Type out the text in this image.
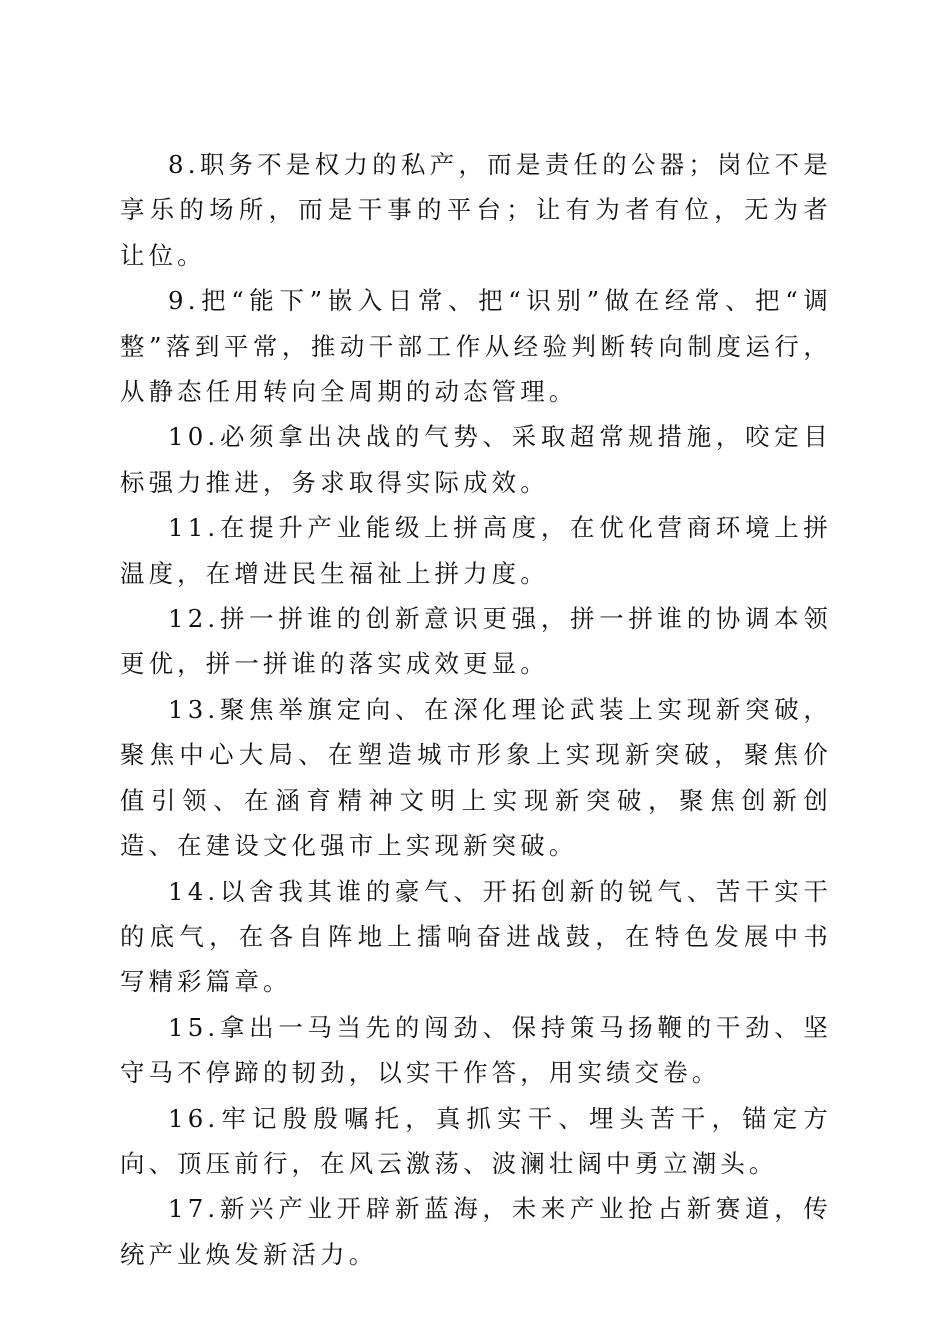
8.职务不是权力的私产，而是责任的公器；岗位不是享乐的场所，而是干事的平台；让有为者有位，无为者让位。

9.把“能下”嵌入日常、把“识别”做在经常、把“调整”落到平常，推动干部工作从经验判断转向制度运行，从静态任用转向全周期的动态管理。

10.必须拿出决战的气势、采取超常规措施，咬定目标强力推进，务求取得实际成效。

11.在提升产业能级上拼高度，在优化营商环境上拼温度，在增进民生福祉上拼力度。

12.拼一拼谁的创新意识更强，拼一拼谁的协调本领更优，拼一拼谁的落实成效更显。

13.聚焦举旗定向、在深化理论武装上实现新突破，聚焦中心大局、在塑造城市形象上实现新突破，聚焦价值引领、在涵育精神文明上实现新突破，聚焦创新创造、在建设文化强市上实现新突破。

14.以舍我其谁的豪气、开拓创新的锐气、苦干实干的底气，在各自阵地上擂响奋进战鼓，在特色发展中书写精彩篇章。

15.拿出一马当先的闯劲、保持策马扬鞭的干劲、坚守马不停蹄的韧劲，以实干作答，用实绩交卷。

16.牢记殷殷嘱托，真抓实干、埋头苦干，锚定方向、顶压前行，在风云激荡、波澜壮阔中勇立潮头。

17.新兴产业开辟新蓝海，未来产业抢占新赛道，传统产业焕发新活力。
